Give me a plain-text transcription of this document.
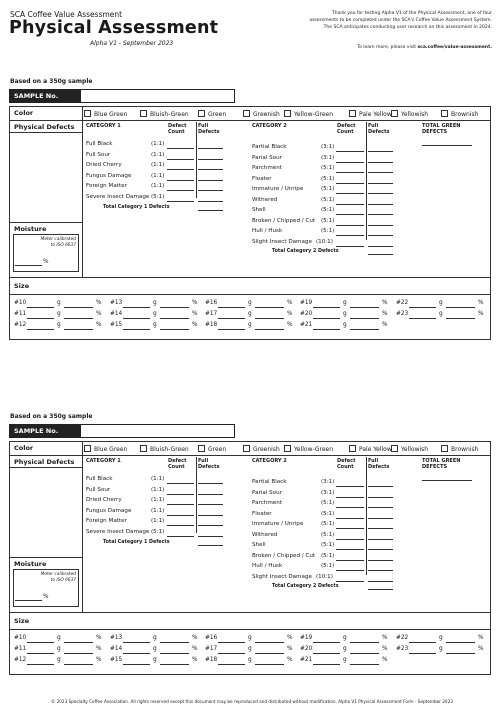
SCA Coffee Value Assessment
Physical Assessment
Alpha V1 - September 2023
Thank you for testing Alpha V1 of the Physical Assessment, one of four assessments to be completed under the SCA's Coffee Value Assessment System. The SCA anticipates conducting user research on this assessment in 2024.
To learn more, please visit sca.coffee/value-assessment.
Based on a 350g sample
SAMPLE No.
Color	Blue Green	Bluish-Green	Green	Greenish	Yellow-Green	Pale Yellow	Yellowish	Brownish
Physical Defects CATEGORY 1	Defect Count
Full Defects
CATEGORY 2	Defect Count
Full Defects
TOTAL GREEN DEFECTS
Full Black	(1:1)
Full Sour	(1:1)
Dried Cherry	(1:1)
Fungus Damage	(1:1)
Foreign Matter	(1:1)
Severe Insect Damage (5:1)
Total Category 1 Defects
Partial Black	(3:1)
Parial Sour	(3:1)
Parchment	(5:1)
Floater	(5:1)
Immature / Unripe	(5:1)
Withered	(5:1)
Shell	(5:1)
Broken / Chipped / Cut (5:1)
Hull / Husk	(5:1)
Slight Insect Damage (10:1)
Total Category 2 Defects
Moisture
Meter calibrated to ISO 6637
%
Size
#10	g	% #13	g	% #16	g	% #19	g	% #22	g	%
#11	g	% #14	g	% #17	g	% #20	g	% #23	g	%
#12	g	% #15	g	% #18	g	% #21	g	%
Based on a 350g sample
SAMPLE No.
Color	Blue Green	Bluish-Green	Green	Greenish	Yellow-Green	Pale Yellow	Yellowish	Brownish
Physical Defects CATEGORY 1	Defect Count
Full Defects
CATEGORY 2	Defect Count
Full Defects
TOTAL GREEN DEFECTS
Full Black	(1:1)
Full Sour	(1:1)
Dried Cherry	(1:1)
Fungus Damage	(1:1)
Foreign Matter	(1:1)
Severe Insect Damage (5:1)
Total Category 1 Defects
Partial Black	(3:1)
Parial Sour	(3:1)
Parchment	(5:1)
Floater	(5:1)
Immature / Unripe	(5:1)
Withered	(5:1)
Shell	(5:1)
Broken / Chipped / Cut (5:1)
Hull / Husk	(5:1)
Slight Insect Damage (10:1)
Total Category 2 Defects
Moisture
Meter calibrated to ISO 6637
%
Size
#10	g	% #13	g	% #16	g	% #19	g	% #22	g	%
#11	g	% #14	g	% #17	g	% #20	g	% #23	g	%
#12	g	% #15	g	% #18	g	% #21	g	%
© 2023 Specialty Coffee Association. All rights reserved except this document may be reproduced and distributed without modification. Alpha V1 Physical Assessment Form - September 2023
